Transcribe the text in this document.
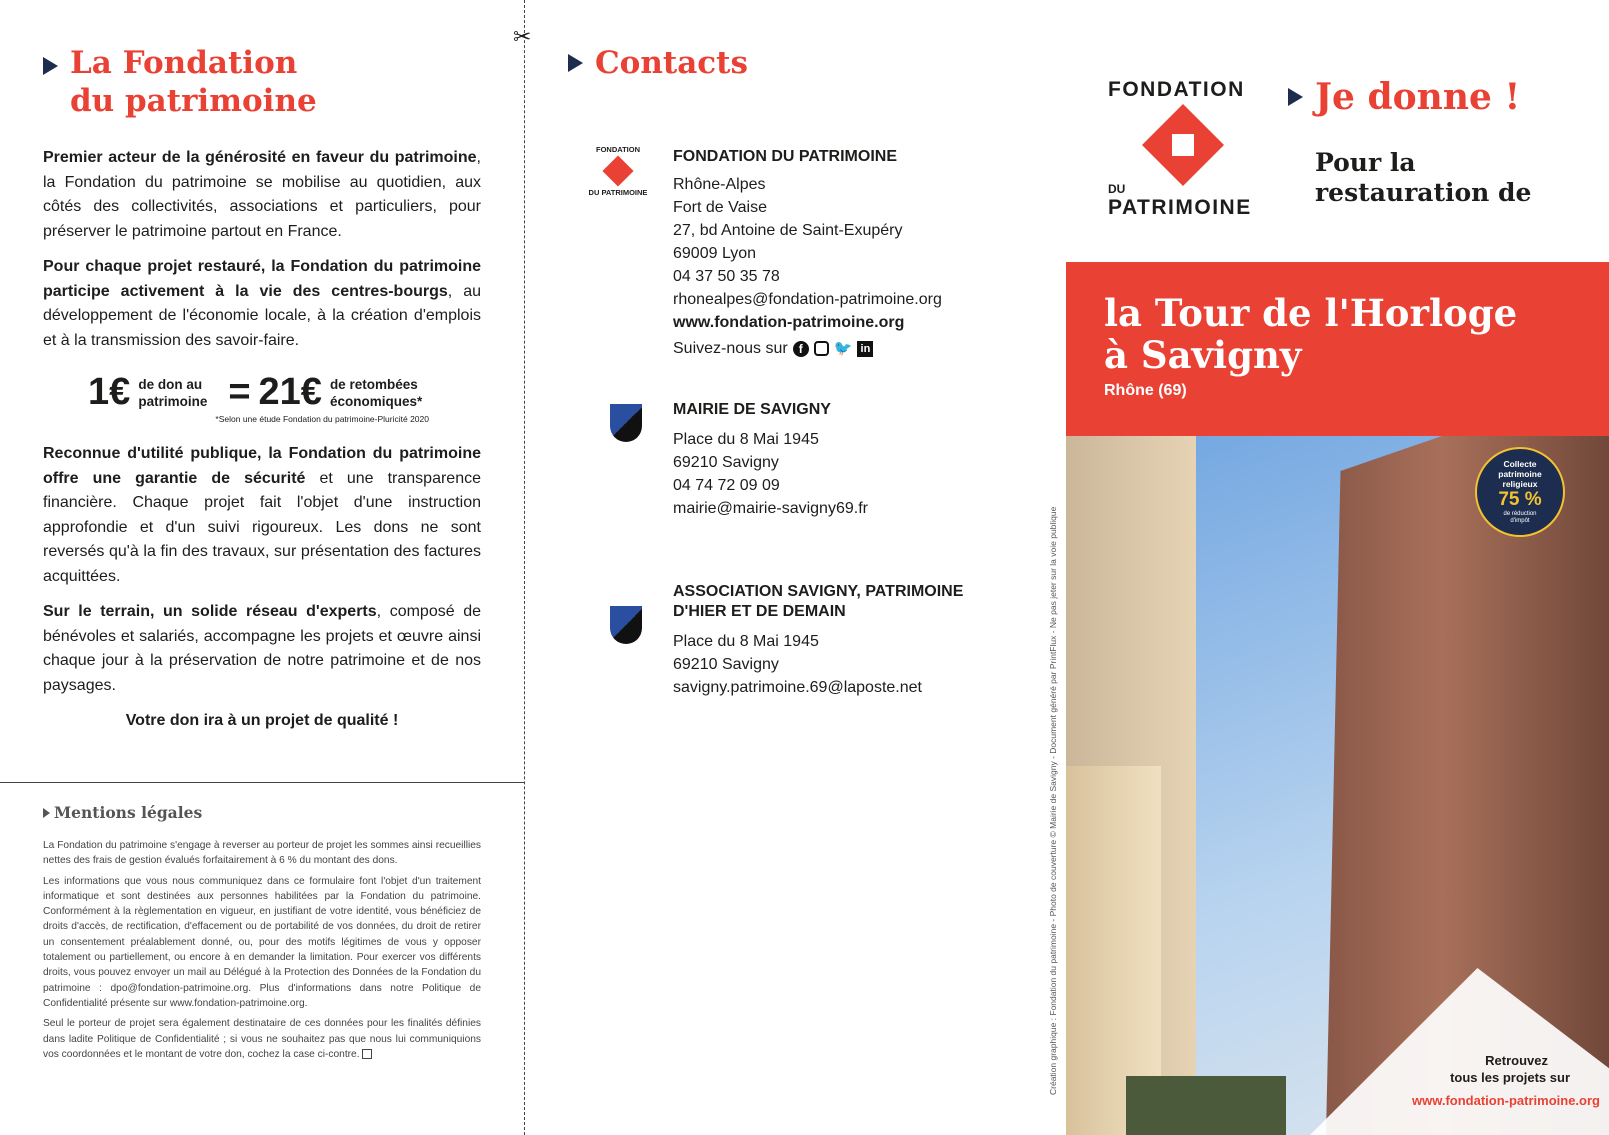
✂
La Fondation
du patrimoine

Premier acteur de la générosité en faveur du patrimoine, la Fondation du patrimoine se mobilise au quotidien, aux côtés des collectivités, associations et particuliers, pour préserver le patrimoine partout en France.

Pour chaque projet restauré, la Fondation du patrimoine participe activement à la vie des centres-bourgs, au développement de l'économie locale, à la création d'emplois et à la transmission des savoir-faire.

1€ de don au patrimoine = 21€ de retombées économiques*
*Selon une étude Fondation du patrimoine-Pluricité 2020

Reconnue d'utilité publique, la Fondation du patrimoine offre une garantie de sécurité et une transparence financière. Chaque projet fait l'objet d'une instruction approfondie et d'un suivi rigoureux. Les dons ne sont reversés qu'à la fin des travaux, sur présentation des factures acquittées.

Sur le terrain, un solide réseau d'experts, composé de bénévoles et salariés, accompagne les projets et œuvre ainsi chaque jour à la préservation de notre patrimoine et de nos paysages.

Votre don ira à un projet de qualité !

Mentions légales

La Fondation du patrimoine s'engage à reverser au porteur de projet les sommes ainsi recueillies nettes des frais de gestion évalués forfaitairement à 6 % du montant des dons.

Les informations que vous nous communiquez dans ce formulaire font l'objet d'un traitement informatique et sont destinées aux personnes habilitées par la Fondation du patrimoine. Conformément à la règlementation en vigueur, en justifiant de votre identité, vous bénéficiez de droits d'accès, de rectification, d'effacement ou de portabilité de vos données, du droit de retirer un consentement préalablement donné, ou, pour des motifs légitimes de vous y opposer totalement ou partiellement, ou encore à en demander la limitation. Pour exercer vos différents droits, vous pouvez envoyer un mail au Délégué à la Protection des Données de la Fondation du patrimoine : dpo@fondation-patrimoine.org. Plus d'informations dans notre Politique de Confidentialité présente sur www.fondation-patrimoine.org.

Seul le porteur de projet sera également destinataire de ces données pour les finalités définies dans ladite Politique de Confidentialité ; si vous ne souhaitez pas que nous lui communiquions vos coordonnées et le montant de votre don, cochez la case ci-contre.

Contacts
FONDATION
DU PATRIMOINE
FONDATION DU PATRIMOINE
Rhône-Alpes
Fort de Vaise
27, bd Antoine de Saint-Exupéry
69009 Lyon
04 37 50 35 78
rhonealpes@fondation-patrimoine.org
www.fondation-patrimoine.org
Suivez-nous sur f	🐦 in
MAIRIE DE SAVIGNY
Place du 8 Mai 1945
69210 Savigny
04 74 72 09 09
mairie@mairie-savigny69.fr
ASSOCIATION SAVIGNY, PATRIMOINE
D'HIER ET DE DEMAIN
Place du 8 Mai 1945
69210 Savigny
savigny.patrimoine.69@laposte.net	Création graphique : Fondation du patrimoine - Photo de couverture © Mairie de Savigny - Document généré par PrintFlux - Ne pas jeter sur la voie publique
FONDATION
DU
PATRIMOINE
Je donne !
Pour la
restauration de
la Tour de l'Horloge
à Savigny
Rhône (69)
Collecte
patrimoine
religieux
75 %
de réduction
d'impôt
Retrouvez
tous les projets sur
www.fondation-patrimoine.org
